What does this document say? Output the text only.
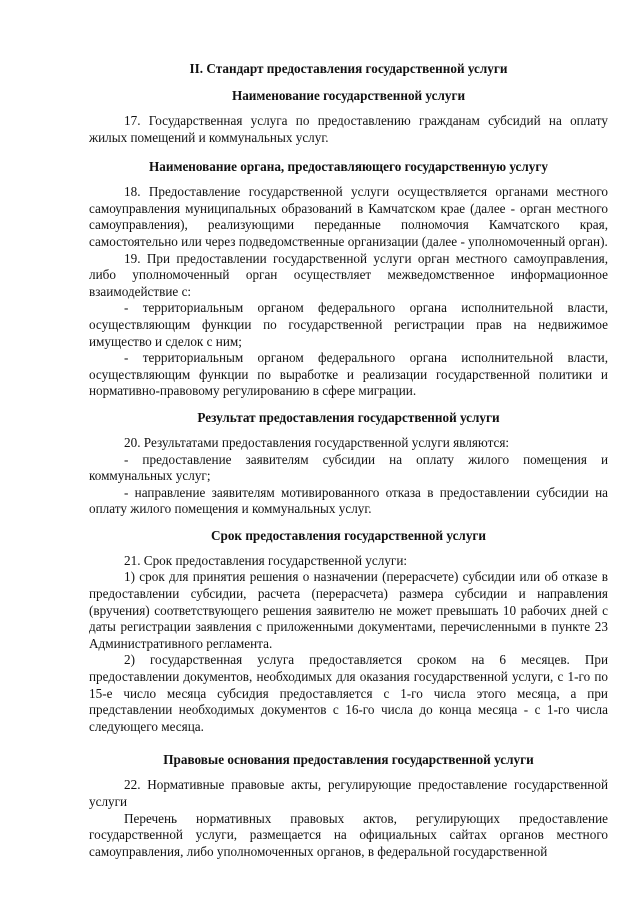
II. Стандарт предоставления государственной услуги
Наименование государственной услуги
17. Государственная услуга по предоставлению гражданам субсидий на оплату жилых помещений и коммунальных услуг.
Наименование органа, предоставляющего государственную услугу
18. Предоставление государственной услуги осуществляется органами местного самоуправления муниципальных образований в Камчатском крае (далее - орган местного самоуправления), реализующими переданные полномочия Камчатского края, самостоятельно или через подведомственные организации (далее - уполномоченный орган).
19. При предоставлении государственной услуги орган местного самоуправления, либо уполномоченный орган осуществляет межведомственное информационное взаимодействие с:
- территориальным органом федерального органа исполнительной власти, осуществляющим функции по государственной регистрации прав на недвижимое имущество и сделок с ним;
- территориальным органом федерального органа исполнительной власти, осуществляющим функции по выработке и реализации государственной политики и нормативно-правовому регулированию в сфере миграции.
Результат предоставления государственной услуги
20. Результатами предоставления государственной услуги являются:
- предоставление заявителям субсидии на оплату жилого помещения и коммунальных услуг;
- направление заявителям мотивированного отказа в предоставлении субсидии на оплату жилого помещения и коммунальных услуг.
Срок предоставления государственной услуги
21. Срок предоставления государственной услуги:
1) срок для принятия решения о назначении (перерасчете) субсидии или об отказе в предоставлении субсидии, расчета (перерасчета) размера субсидии и направления (вручения) соответствующего решения заявителю не может превышать 10 рабочих дней с даты регистрации заявления с приложенными документами, перечисленными в пункте 23 Административного регламента.
2) государственная услуга предоставляется сроком на 6 месяцев. При предоставлении документов, необходимых для оказания государственной услуги, с 1-го по 15-е число месяца субсидия предоставляется с 1-го числа этого месяца, а при представлении необходимых документов с 16-го числа до конца месяца - с 1-го числа следующего месяца.
Правовые основания предоставления государственной услуги
22. Нормативные правовые акты, регулирующие предоставление государственной услуги
Перечень нормативных правовых актов, регулирующих предоставление государственной услуги, размещается на официальных сайтах органов местного самоуправления, либо уполномоченных органов, в федеральной государственной
